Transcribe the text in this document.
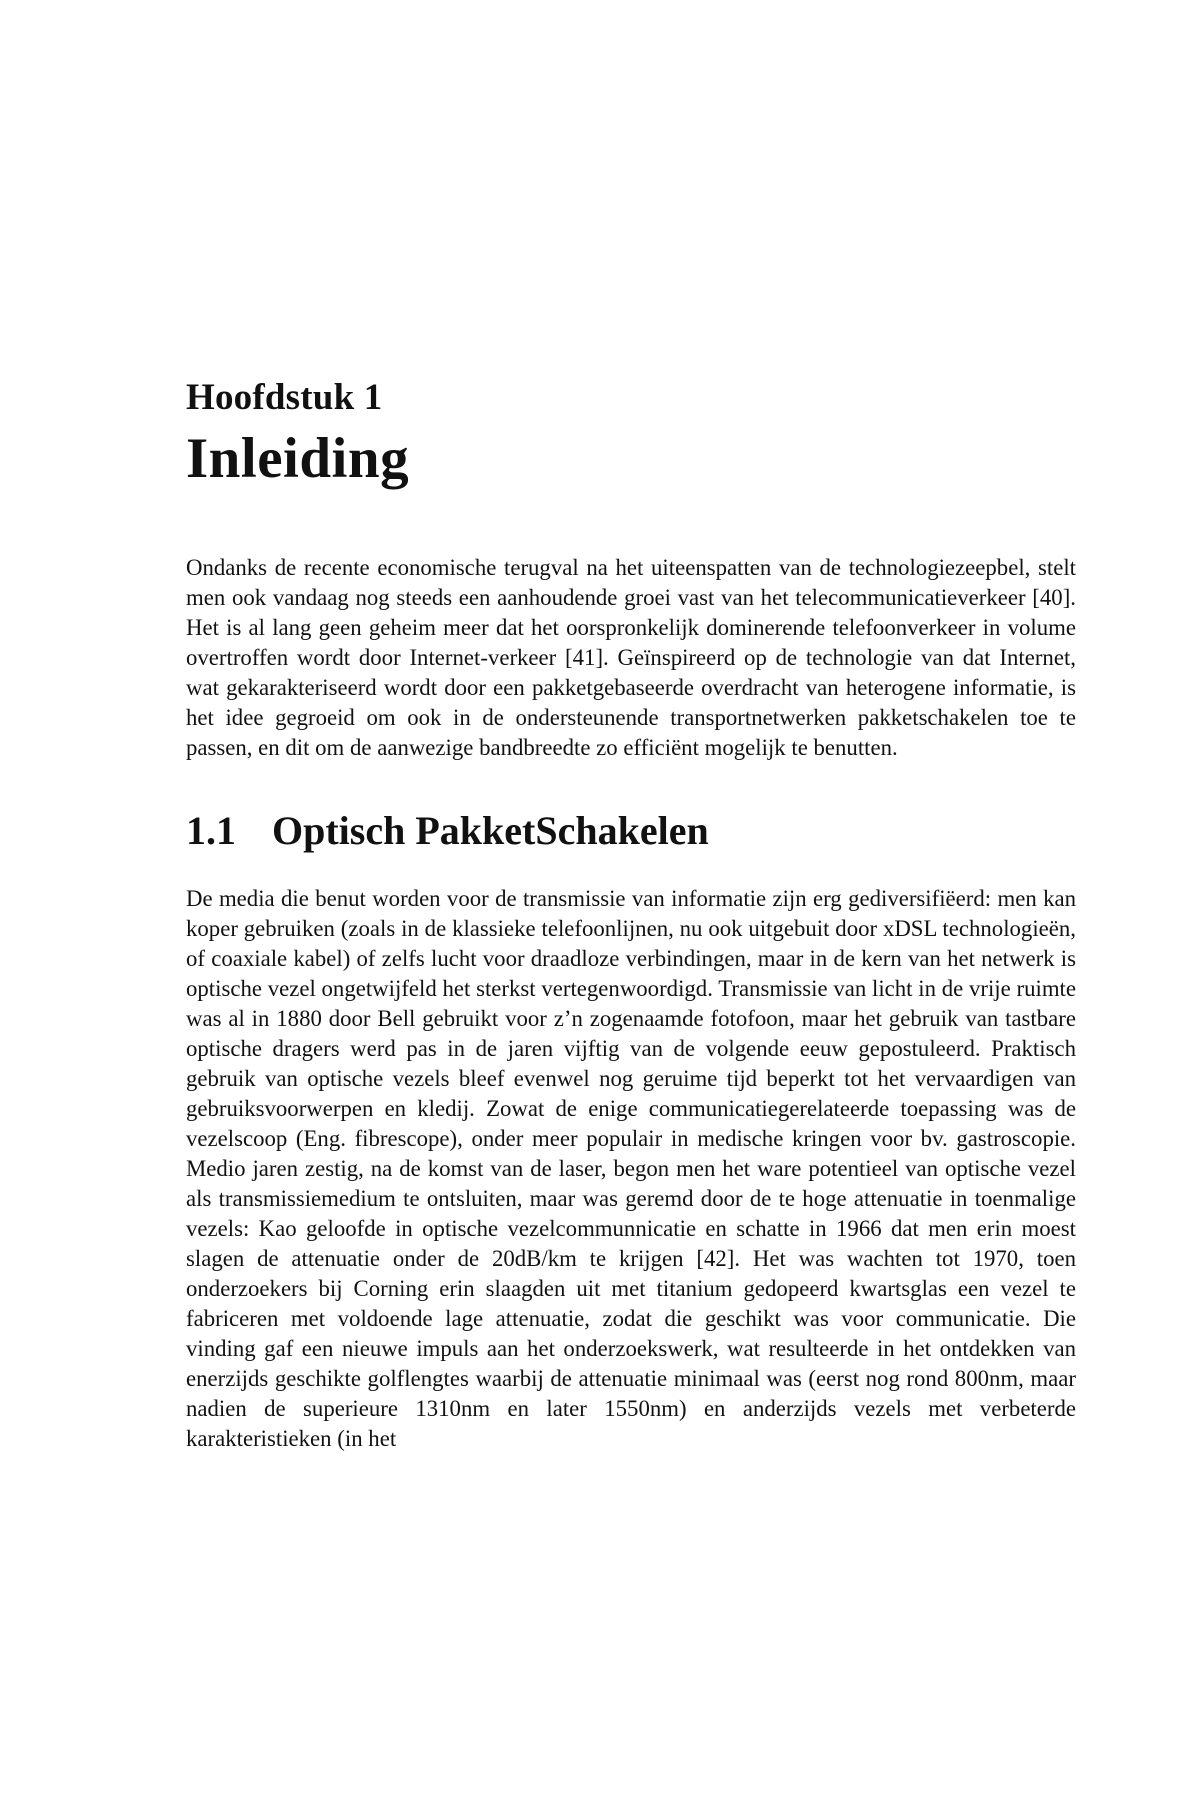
Hoofdstuk 1
Inleiding

Ondanks de recente economische terugval na het uiteenspatten van de technologiezeepbel, stelt men ook vandaag nog steeds een aanhoudende groei vast van het telecommunicatieverkeer [40]. Het is al lang geen geheim meer dat het oorspronkelijk dominerende telefoonverkeer in volume overtroffen wordt door Internet-verkeer [41]. Geïnspireerd op de technologie van dat Internet, wat gekarakteriseerd wordt door een pakketgebaseerde overdracht van heterogene informatie, is het idee gegroeid om ook in de ondersteunende transportnetwerken pakketschakelen toe te passen, en dit om de aanwezige bandbreedte zo efficiënt mogelijk te benutten.

1.1 Optisch PakketSchakelen

De media die benut worden voor de transmissie van informatie zijn erg gediversifiëerd: men kan koper gebruiken (zoals in de klassieke telefoonlijnen, nu ook uitgebuit door xDSL technologieën, of coaxiale kabel) of zelfs lucht voor draadloze verbindingen, maar in de kern van het netwerk is optische vezel ongetwijfeld het sterkst vertegenwoordigd. Transmissie van licht in de vrije ruimte was al in 1880 door Bell gebruikt voor z’n zogenaamde fotofoon, maar het gebruik van tastbare optische dragers werd pas in de jaren vijftig van de volgende eeuw gepostuleerd. Praktisch gebruik van optische vezels bleef evenwel nog geruime tijd beperkt tot het vervaardigen van gebruiksvoorwerpen en kledij. Zowat de enige communicatiegerelateerde toepassing was de vezelscoop (Eng. fibrescope), onder meer populair in medische kringen voor bv. gastroscopie. Medio jaren zestig, na de komst van de laser, begon men het ware potentieel van optische vezel als transmissiemedium te ontsluiten, maar was geremd door de te hoge attenuatie in toenmalige vezels: Kao geloofde in optische vezelcommunnicatie en schatte in 1966 dat men erin moest slagen de attenuatie onder de 20dB/km te krijgen [42]. Het was wachten tot 1970, toen onderzoekers bij Corning erin slaagden uit met titanium gedopeerd kwartsglas een vezel te fabriceren met voldoende lage attenuatie, zodat die geschikt was voor communicatie. Die vinding gaf een nieuwe impuls aan het onderzoekswerk, wat resulteerde in het ontdekken van enerzijds geschikte golflengtes waarbij de attenuatie minimaal was (eerst nog rond 800nm, maar nadien de superieure 1310nm en later 1550nm) en anderzijds vezels met verbeterde karakteristieken (in het
